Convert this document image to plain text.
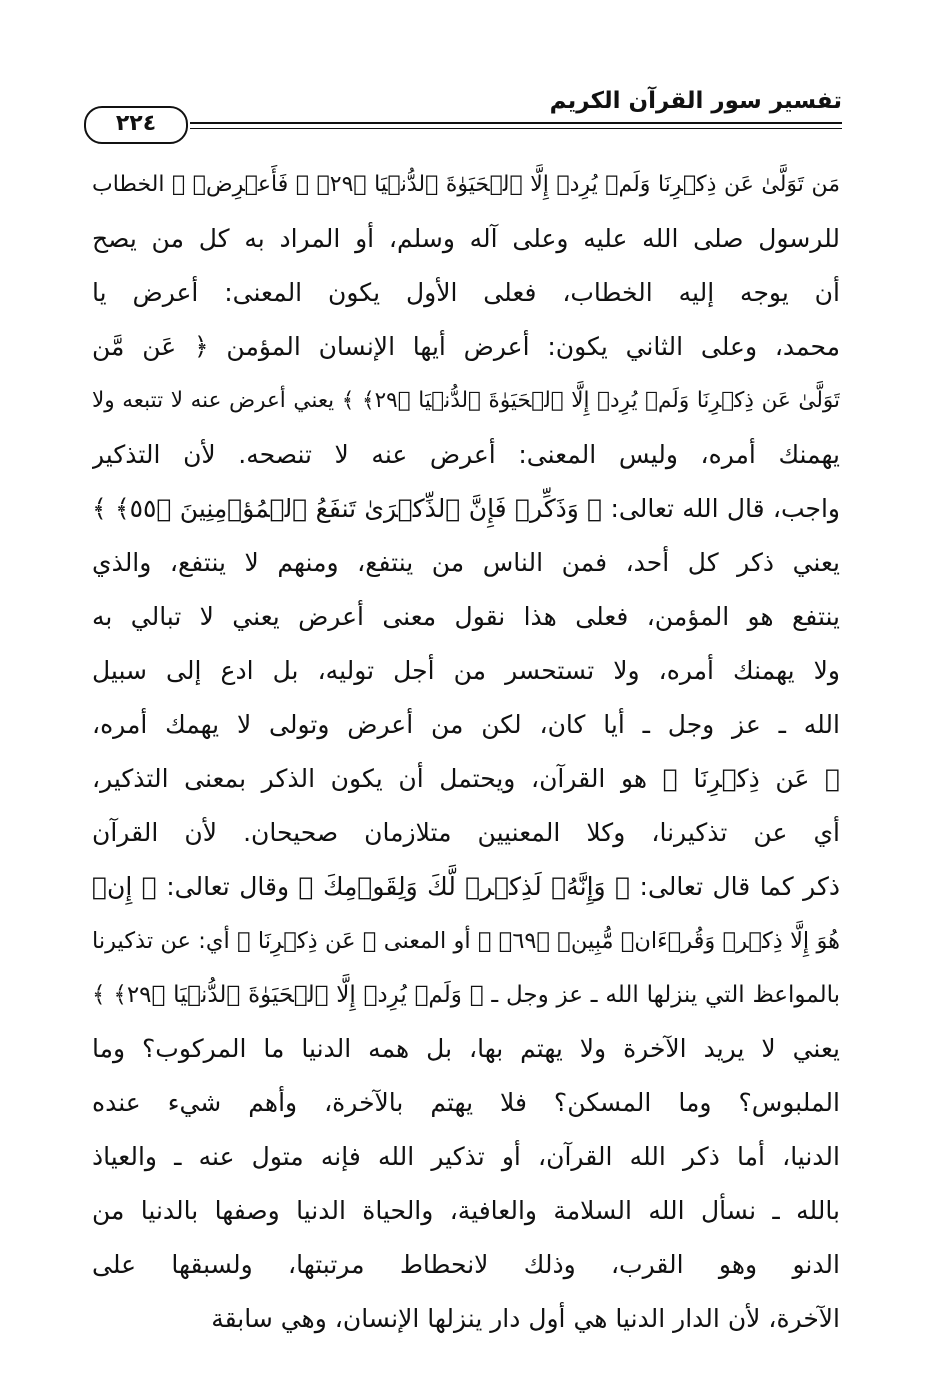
تفسير سور القرآن الكريم
٢٢٤
مَن تَوَلَّىٰ عَن ذِكۡرِنَا وَلَمۡ يُرِدۡ إِلَّا ٱلۡحَيَوٰةَ ٱلدُّنۡيَا ﴿٢٩﴾ ﴿ فَأَعۡرِضۡ ﴾ الخطاب
للرسول صلى الله عليه وعلى آله وسلم، أو المراد به كل من يصح
أن يوجه إليه الخطاب، فعلى الأول يكون المعنى: أعرض يا
محمد، وعلى الثاني يكون: أعرض أيها الإنسان المؤمن ﴿ عَن مَّن
تَوَلَّىٰ عَن ذِكۡرِنَا وَلَمۡ يُرِدۡ إِلَّا ٱلۡحَيَوٰةَ ٱلدُّنۡيَا ﴿٢٩﴾ ﴾ يعني أعرض عنه لا تتبعه ولا
يهمنك أمره، وليس المعنى: أعرض عنه لا تنصحه. لأن التذكير
واجب، قال الله تعالى: ﴿ وَذَكِّرۡ فَإِنَّ ٱلذِّكۡرَىٰ تَنفَعُ ٱلۡمُؤۡمِنِينَ ﴿٥٥﴾ ﴾
يعني ذكر كل أحد، فمن الناس من ينتفع، ومنهم لا ينتفع، والذي
ينتفع هو المؤمن، فعلى هذا نقول معنى أعرض يعني لا تبالي به
ولا يهمنك أمره، ولا تستحسر من أجل توليه، بل ادع إلى سبيل
الله ـ عز وجل ـ أيا كان، لكن من أعرض وتولى لا يهمك أمره،
﴿ عَن ذِكۡرِنَا ﴾ هو القرآن، ويحتمل أن يكون الذكر بمعنى التذكير،
أي عن تذكيرنا، وكلا المعنيين متلازمان صحيحان. لأن القرآن
ذكر كما قال تعالى: ﴿ وَإِنَّهُۥ لَذِكۡرٞ لَّكَ وَلِقَوۡمِكَ ﴾ وقال تعالى: ﴿ إِنۡ
هُوَ إِلَّا ذِكۡرٞ وَقُرۡءَانٞ مُّبِينٞ ﴿٦٩﴾ ﴾ أو المعنى ﴿ عَن ذِكۡرِنَا ﴾ أي: عن تذكيرنا
بالمواعظ التي ينزلها الله ـ عز وجل ـ ﴿ وَلَمۡ يُرِدۡ إِلَّا ٱلۡحَيَوٰةَ ٱلدُّنۡيَا ﴿٢٩﴾ ﴾
يعني لا يريد الآخرة ولا يهتم بها، بل همه الدنيا ما المركوب؟ وما
الملبوس؟ وما المسكن؟ فلا يهتم بالآخرة، وأهم شيء عنده
الدنيا، أما ذكر الله القرآن، أو تذكير الله فإنه متول عنه ـ والعياذ
بالله ـ نسأل الله السلامة والعافية، والحياة الدنيا وصفها بالدنيا من
الدنو وهو القرب، وذلك لانحطاط مرتبتها، ولسبقها على
الآخرة، لأن الدار الدنيا هي أول دار ينزلها الإنسان، وهي سابقة
